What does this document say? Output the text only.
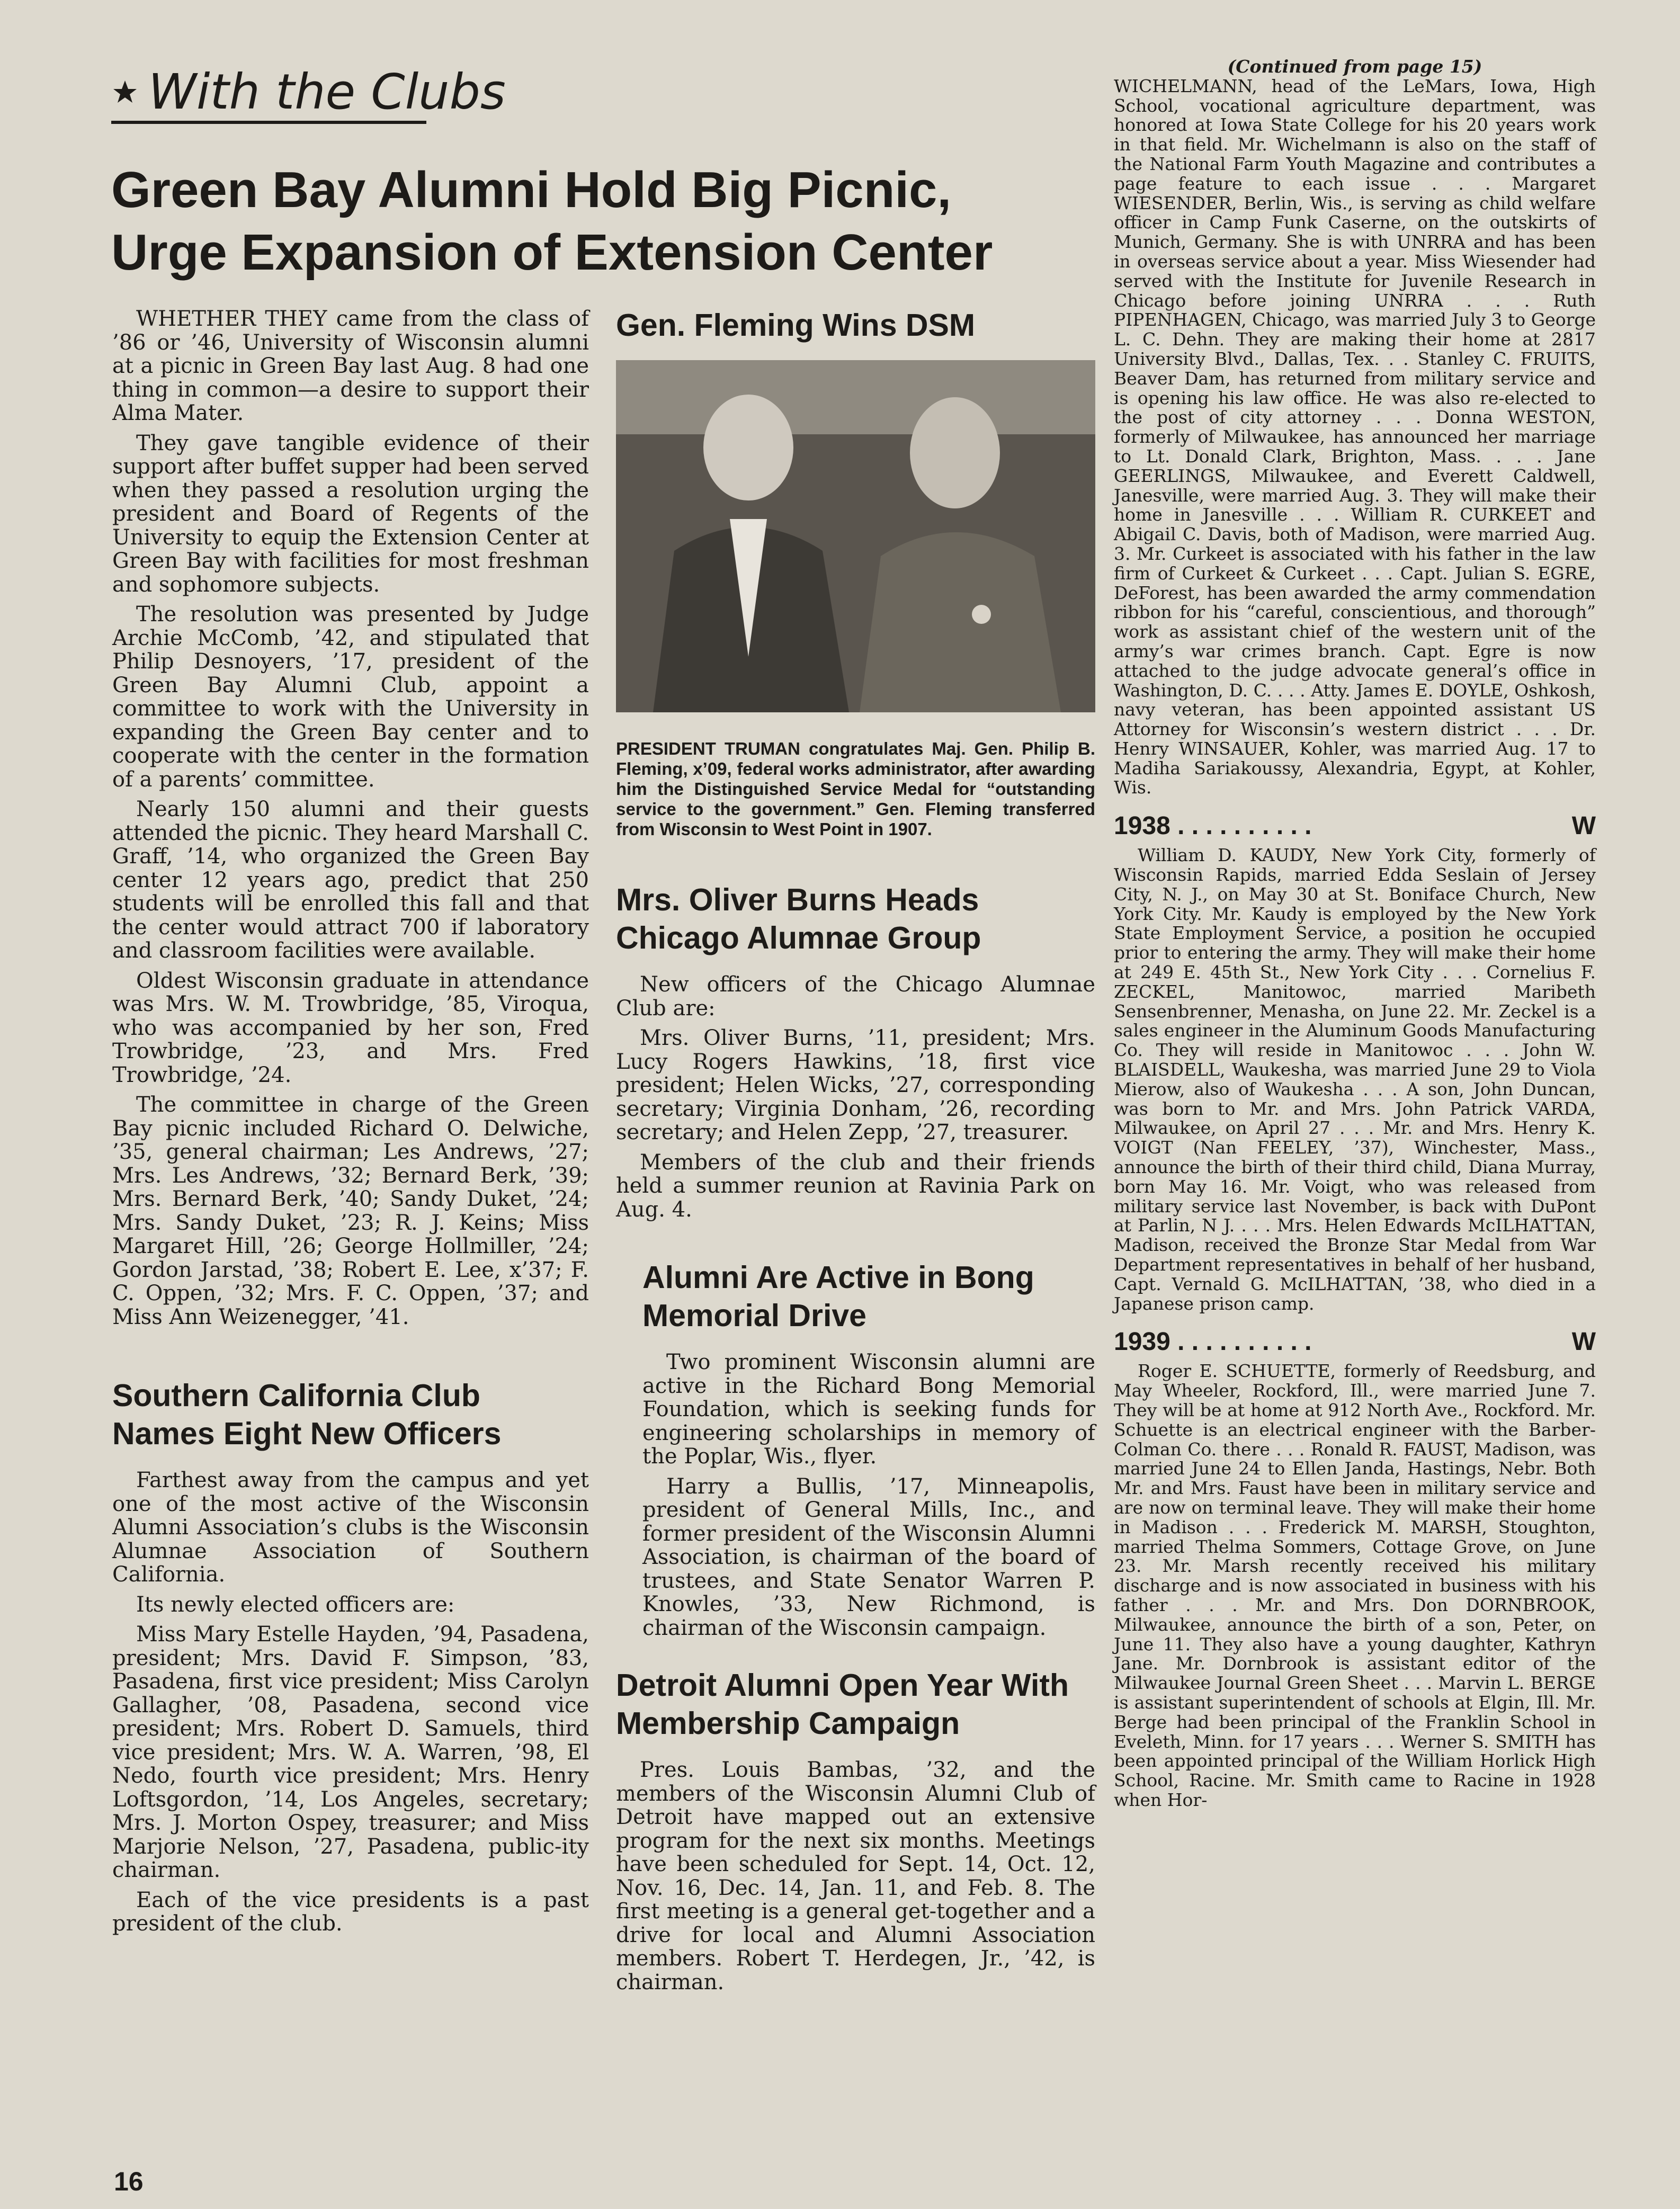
With the Clubs
Green Bay Alumni Hold Big Picnic, Urge Expansion of Extension Center

WHETHER THEY came from the class of ’86 or ’46, University of Wisconsin alumni at a picnic in Green Bay last Aug. 8 had one thing in common—a desire to support their Alma Mater.

They gave tangible evidence of their support after buffet supper had been served when they passed a resolution urging the president and Board of Regents of the University to equip the Extension Center at Green Bay with facilities for most freshman and sophomore subjects.

The resolution was presented by Judge Archie McComb, ’42, and stipulated that Philip Desnoyers, ’17, president of the Green Bay Alumni Club, appoint a committee to work with the University in expanding the Green Bay center and to cooperate with the center in the formation of a parents’ committee.

Nearly 150 alumni and their guests attended the picnic. They heard Marshall C. Graff, ’14, who organized the Green Bay center 12 years ago, predict that 250 students will be enrolled this fall and that the center would attract 700 if laboratory and classroom facilities were available.

Oldest Wisconsin graduate in attendance was Mrs. W. M. Trowbridge, ’85, Viroqua, who was accompanied by her son, Fred Trowbridge, ’23, and Mrs. Fred Trowbridge, ’24.

The committee in charge of the Green Bay picnic included Richard O. Delwiche, ’35, general chairman; Les Andrews, ’27; Mrs. Les Andrews, ’32; Bernard Berk, ’39; Mrs. Bernard Berk, ’40; Sandy Duket, ’24; Mrs. Sandy Duket, ’23; R. J. Keins; Miss Margaret Hill, ’26; George Hollmiller, ’24; Gordon Jarstad, ’38; Robert E. Lee, x’37; F. C. Oppen, ’32; Mrs. F. C. Oppen, ’37; and Miss Ann Weizenegger, ’41.

Southern California Club Names Eight New Officers

Farthest away from the campus and yet one of the most active of the Wisconsin Alumni Association’s clubs is the Wisconsin Alumnae Association of Southern California.

Its newly elected officers are:

Miss Mary Estelle Hayden, ’94, Pasadena, president; Mrs. David F. Simpson, ’83, Pasadena, first vice president; Miss Carolyn Gallagher, ’08, Pasadena, second vice president; Mrs. Robert D. Samuels, third vice president; Mrs. W. A. Warren, ’98, El Nedo, fourth vice president; Mrs. Henry Loftsgordon, ’14, Los Angeles, secretary; Mrs. J. Morton Ospey, treasurer; and Miss Marjorie Nelson, ’27, Pasadena, public-ity chairman.

Each of the vice presidents is a past president of the club.

Gen. Fleming Wins DSM

PRESIDENT TRUMAN congratulates Maj. Gen. Philip B. Fleming, x’09, federal works administrator, after awarding him the Distinguished Service Medal for “outstanding service to the government.” Gen. Fleming transferred from Wisconsin to West Point in 1907.

Mrs. Oliver Burns Heads Chicago Alumnae Group

New officers of the Chicago Alumnae Club are:

Mrs. Oliver Burns, ’11, president; Mrs. Lucy Rogers Hawkins, ’18, first vice president; Helen Wicks, ’27, corresponding secretary; Virginia Donham, ’26, recording secretary; and Helen Zepp, ’27, treasurer.

Members of the club and their friends held a summer reunion at Ravinia Park on Aug. 4.

Alumni Are Active in Bong Memorial Drive

Two prominent Wisconsin alumni are active in the Richard Bong Memorial Foundation, which is seeking funds for engineering scholarships in memory of the Poplar, Wis., flyer.

Harry a Bullis, ’17, Minneapolis, president of General Mills, Inc., and former president of the Wisconsin Alumni Association, is chairman of the board of trustees, and State Senator Warren P. Knowles, ’33, New Richmond, is chairman of the Wisconsin campaign.

Detroit Alumni Open Year With Membership Campaign

Pres. Louis Bambas, ’32, and the members of the Wisconsin Alumni Club of Detroit have mapped out an extensive program for the next six months. Meetings have been scheduled for Sept. 14, Oct. 12, Nov. 16, Dec. 14, Jan. 11, and Feb. 8. The first meeting is a general get-together and a drive for local and Alumni Association members. Robert T. Herdegen, Jr., ’42, is chairman.

(Continued from page 15)

WICHELMANN, head of the LeMars, Iowa, High School, vocational agriculture department, was honored at Iowa State College for his 20 years work in that field. Mr. Wichelmann is also on the staff of the National Farm Youth Magazine and contributes a page feature to each issue . . . Margaret WIESENDER, Berlin, Wis., is serving as child welfare officer in Camp Funk Caserne, on the outskirts of Munich, Germany. She is with UNRRA and has been in overseas service about a year. Miss Wiesender had served with the Institute for Juvenile Research in Chicago before joining UNRRA . . . Ruth PIPENHAGEN, Chicago, was married July 3 to George L. C. Dehn. They are making their home at 2817 University Blvd., Dallas, Tex. . . Stanley C. FRUITS, Beaver Dam, has returned from military service and is opening his law office. He was also re-elected to the post of city attorney . . . Donna WESTON, formerly of Milwaukee, has announced her marriage to Lt. Donald Clark, Brighton, Mass. . . . Jane GEERLINGS, Milwaukee, and Everett Caldwell, Janesville, were married Aug. 3. They will make their home in Janesville . . . William R. CURKEET and Abigail C. Davis, both of Madison, were married Aug. 3. Mr. Curkeet is associated with his father in the law firm of Curkeet & Curkeet . . . Capt. Julian S. EGRE, DeForest, has been awarded the army commendation ribbon for his “careful, conscientious, and thorough” work as assistant chief of the western unit of the army’s war crimes branch. Capt. Egre is now attached to the judge advocate general’s office in Washington, D. C. . . . Atty. James E. DOYLE, Oshkosh, navy veteran, has been appointed assistant US Attorney for Wisconsin’s western district . . . Dr. Henry WINSAUER, Kohler, was married Aug. 17 to Madiha Sariakoussy, Alexandria, Egypt, at Kohler, Wis.

1938 . . . . . . . . . .	W

William D. KAUDY, New York City, formerly of Wisconsin Rapids, married Edda Seslain of Jersey City, N. J., on May 30 at St. Boniface Church, New York City. Mr. Kaudy is employed by the New York State Employment Service, a position he occupied prior to entering the army. They will make their home at 249 E. 45th St., New York City . . . Cornelius F. ZECKEL, Manitowoc, married Maribeth Sensenbrenner, Menasha, on June 22. Mr. Zeckel is a sales engineer in the Aluminum Goods Manufacturing Co. They will reside in Manitowoc . . . John W. BLAISDELL, Waukesha, was married June 29 to Viola Mierow, also of Waukesha . . . A son, John Duncan, was born to Mr. and Mrs. John Patrick VARDA, Milwaukee, on April 27 . . . Mr. and Mrs. Henry K. VOIGT (Nan FEELEY, ’37), Winchester, Mass., announce the birth of their third child, Diana Murray, born May 16. Mr. Voigt, who was released from military service last November, is back with DuPont at Parlin, N J. . . . Mrs. Helen Edwards McILHATTAN, Madison, received the Bronze Star Medal from War Department representatives in behalf of her husband, Capt. Vernald G. McILHATTAN, ’38, who died in a Japanese prison camp.

1939 . . . . . . . . . .	W

Roger E. SCHUETTE, formerly of Reedsburg, and May Wheeler, Rockford, Ill., were married June 7. They will be at home at 912 North Ave., Rockford. Mr. Schuette is an electrical engineer with the Barber-Colman Co. there . . . Ronald R. FAUST, Madison, was married June 24 to Ellen Janda, Hastings, Nebr. Both Mr. and Mrs. Faust have been in military service and are now on terminal leave. They will make their home in Madison . . . Frederick M. MARSH, Stoughton, married Thelma Sommers, Cottage Grove, on June 23. Mr. Marsh recently received his military discharge and is now associated in business with his father . . . Mr. and Mrs. Don DORNBROOK, Milwaukee, announce the birth of a son, Peter, on June 11. They also have a young daughter, Kathryn Jane. Mr. Dornbrook is assistant editor of the Milwaukee Journal Green Sheet . . . Marvin L. BERGE is assistant superintendent of schools at Elgin, Ill. Mr. Berge had been principal of the Franklin School in Eveleth, Minn. for 17 years . . . Werner S. SMITH has been appointed principal of the William Horlick High School, Racine. Mr. Smith came to Racine in 1928 when Hor-

16
